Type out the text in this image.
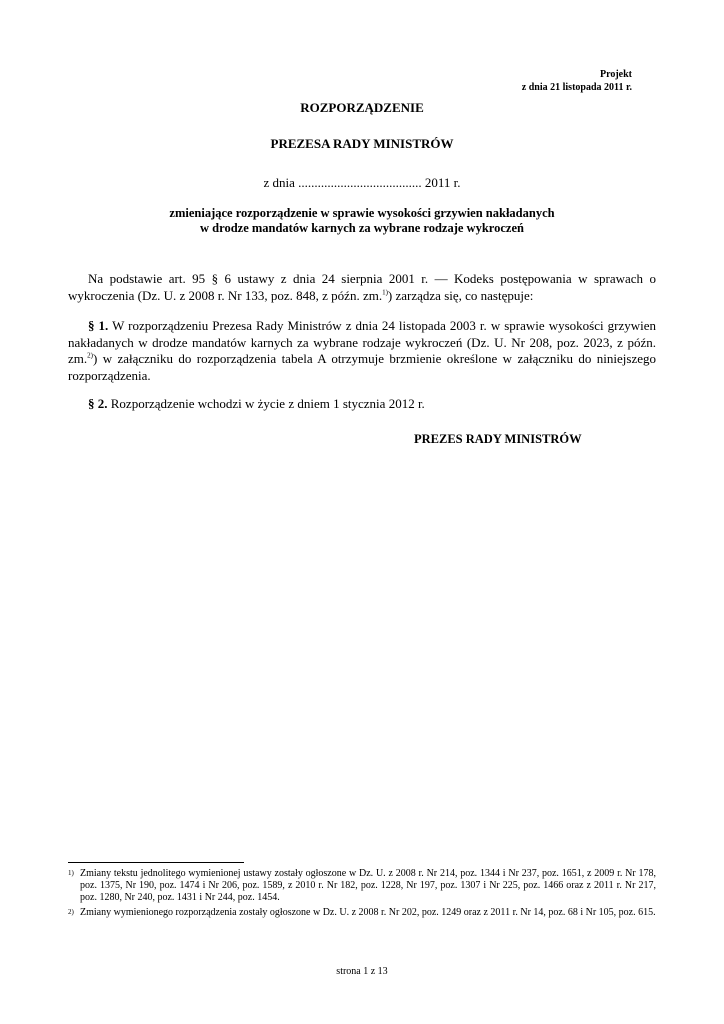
Projekt
z dnia 21 listopada 2011 r.
ROZPORZĄDZENIE
PREZESA RADY MINISTRÓW
z dnia ...................................... 2011 r.
zmieniające rozporządzenie w sprawie wysokości grzywien nakładanych
w drodze mandatów karnych za wybrane rodzaje wykroczeń
Na podstawie art. 95 § 6 ustawy z dnia 24 sierpnia 2001 r. — Kodeks postępowania w sprawach o wykroczenia (Dz. U. z 2008 r. Nr 133, poz. 848, z późn. zm.$^{1)}$) zarządza się, co następuje:
§ 1. W rozporządzeniu Prezesa Rady Ministrów z dnia 24 listopada 2003 r. w sprawie wysokości grzywien nakładanych w drodze mandatów karnych za wybrane rodzaje wykroczeń (Dz. U. Nr 208, poz. 2023, z późn. zm.$^{2)}$) w załączniku do rozporządzenia tabela A otrzymuje brzmienie określone w załączniku do niniejszego rozporządzenia.
§ 2. Rozporządzenie wchodzi w życie z dniem 1 stycznia 2012 r.
PREZES RADY MINISTRÓW
1) Zmiany tekstu jednolitego wymienionej ustawy zostały ogłoszone w Dz. U. z 2008 r. Nr 214, poz. 1344 i Nr 237, poz. 1651, z 2009 r. Nr 178, poz. 1375, Nr 190, poz. 1474 i Nr 206, poz. 1589, z 2010 r. Nr 182, poz. 1228, Nr 197, poz. 1307 i Nr 225, poz. 1466 oraz z 2011 r. Nr 217, poz. 1280, Nr 240, poz. 1431 i Nr 244, poz. 1454.
2) Zmiany wymienionego rozporządzenia zostały ogłoszone w Dz. U. z 2008 r. Nr 202, poz. 1249 oraz z 2011 r. Nr 14, poz. 68 i Nr 105, poz. 615.
strona 1 z 13
